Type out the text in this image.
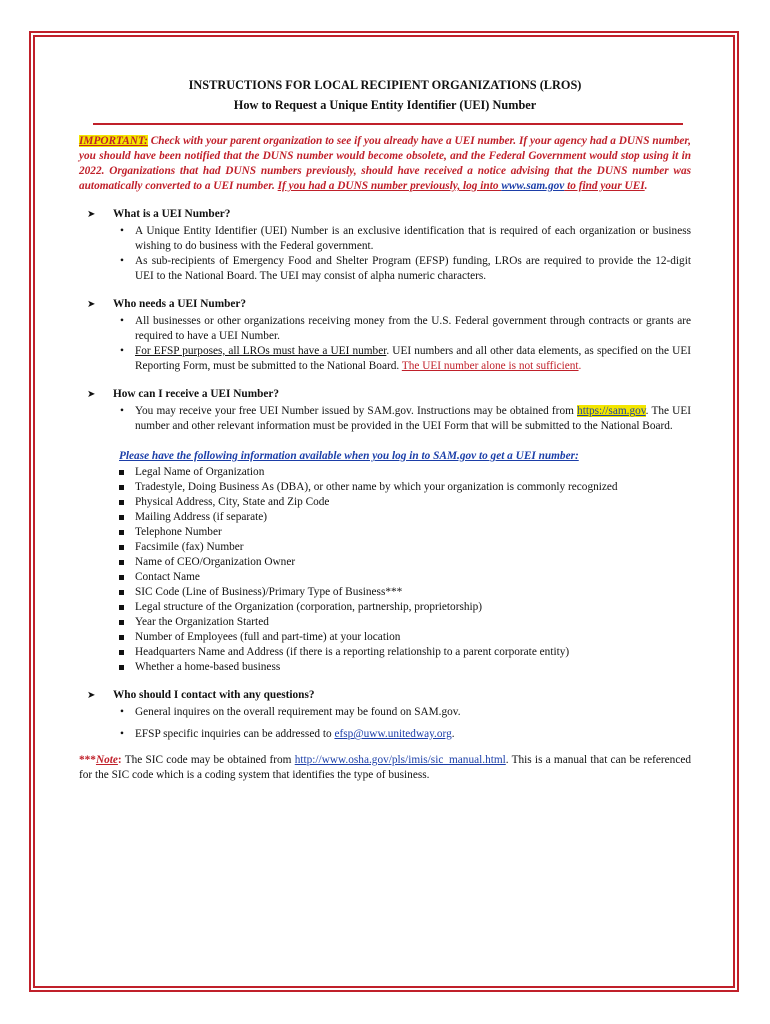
INSTRUCTIONS FOR LOCAL RECIPIENT ORGANIZATIONS (LROS)

How to Request a Unique Entity Identifier (UEI) Number

IMPORTANT: Check with your parent organization to see if you already have a UEI number. If your agency had a DUNS number, you should have been notified that the DUNS number would become obsolete, and the Federal Government would stop using it in 2022. Organizations that had DUNS numbers previously, should have received a notice advising that the DUNS number was automatically converted to a UEI number. If you had a DUNS number previously, log into www.sam.gov to find your UEI.

➤ What is a UEI Number?

• A Unique Entity Identifier (UEI) Number is an exclusive identification that is required of each organization or business wishing to do business with the Federal government.
• As sub-recipients of Emergency Food and Shelter Program (EFSP) funding, LROs are required to provide the 12-digit UEI to the National Board. The UEI may consist of alpha numeric characters.

➤ Who needs a UEI Number?

• All businesses or other organizations receiving money from the U.S. Federal government through contracts or grants are required to have a UEI Number.
• For EFSP purposes, all LROs must have a UEI number. UEI numbers and all other data elements, as specified on the UEI Reporting Form, must be submitted to the National Board. The UEI number alone is not sufficient.

➤ How can I receive a UEI Number?

• You may receive your free UEI Number issued by SAM.gov. Instructions may be obtained from https://sam.gov. The UEI number and other relevant information must be provided in the UEI Form that will be submitted to the National Board.

Please have the following information available when you log in to SAM.gov to get a UEI number:

Legal Name of Organization
Tradestyle, Doing Business As (DBA), or other name by which your organization is commonly recognized
Physical Address, City, State and Zip Code
Mailing Address (if separate)
Telephone Number
Facsimile (fax) Number
Name of CEO/Organization Owner
Contact Name
SIC Code (Line of Business)/Primary Type of Business***
Legal structure of the Organization (corporation, partnership, proprietorship)
Year the Organization Started
Number of Employees (full and part-time) at your location
Headquarters Name and Address (if there is a reporting relationship to a parent corporate entity)
Whether a home-based business

➤ Who should I contact with any questions?

• General inquires on the overall requirement may be found on SAM.gov.
• EFSP specific inquiries can be addressed to efsp@uww.unitedway.org.

***Note: The SIC code may be obtained from http://www.osha.gov/pls/imis/sic_manual.html. This is a manual that can be referenced for the SIC code which is a coding system that identifies the type of business.
